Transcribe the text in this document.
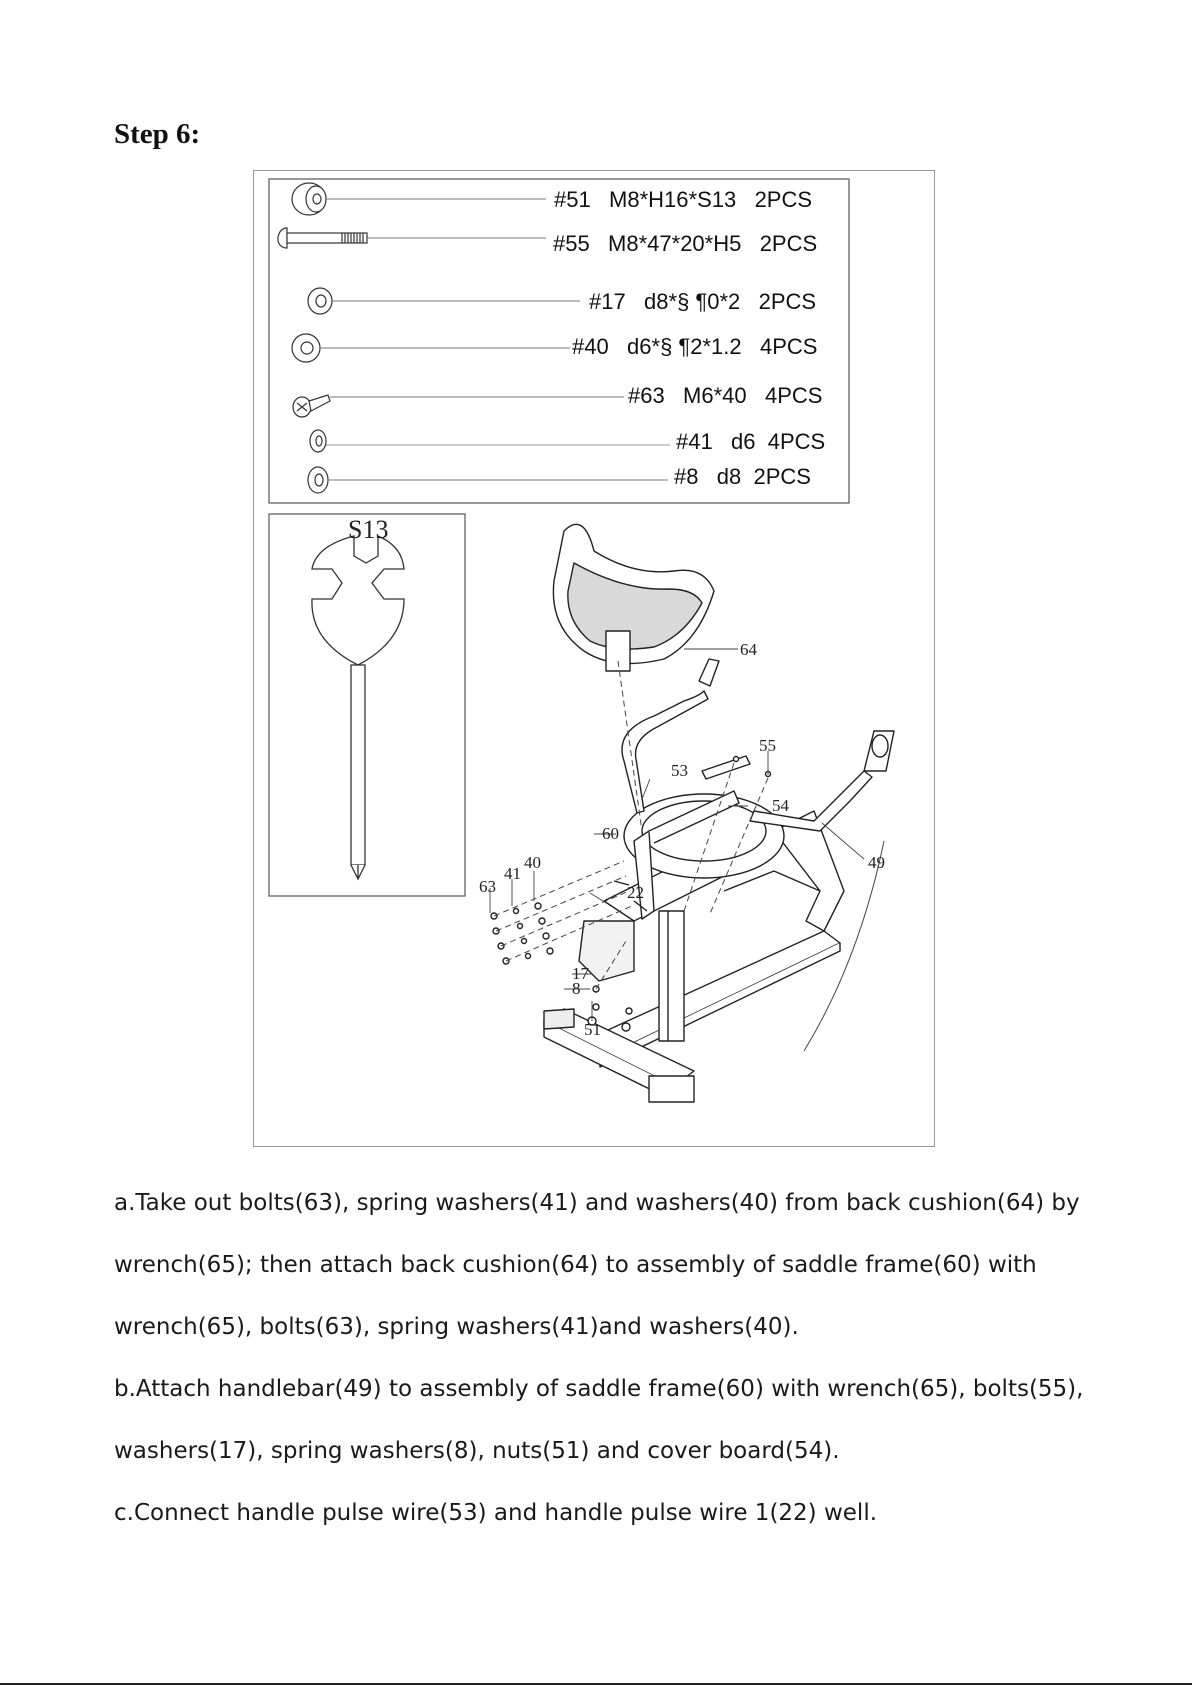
Step 6:
#51   M8*H16*S13   2PCS
#55   M8*47*20*H5   2PCS
#17   d8*§ ¶0*2   2PCS
#40   d6*§ ¶2*1.2   4PCS
#63   M6*40   4PCS
#41   d6  4PCS
#8   d8  2PCS
S13
64
55
53
54
60
49
41
40
63	22
17
8
51

a.Take out bolts(63), spring washers(41) and washers(40) from back cushion(64) by

wrench(65); then attach back cushion(64) to assembly of saddle frame(60) with

wrench(65), bolts(63), spring washers(41)and washers(40).

b.Attach handlebar(49) to assembly of saddle frame(60) with wrench(65), bolts(55),

washers(17), spring washers(8), nuts(51) and cover board(54).

c.Connect handle pulse wire(53) and handle pulse wire 1(22) well.
